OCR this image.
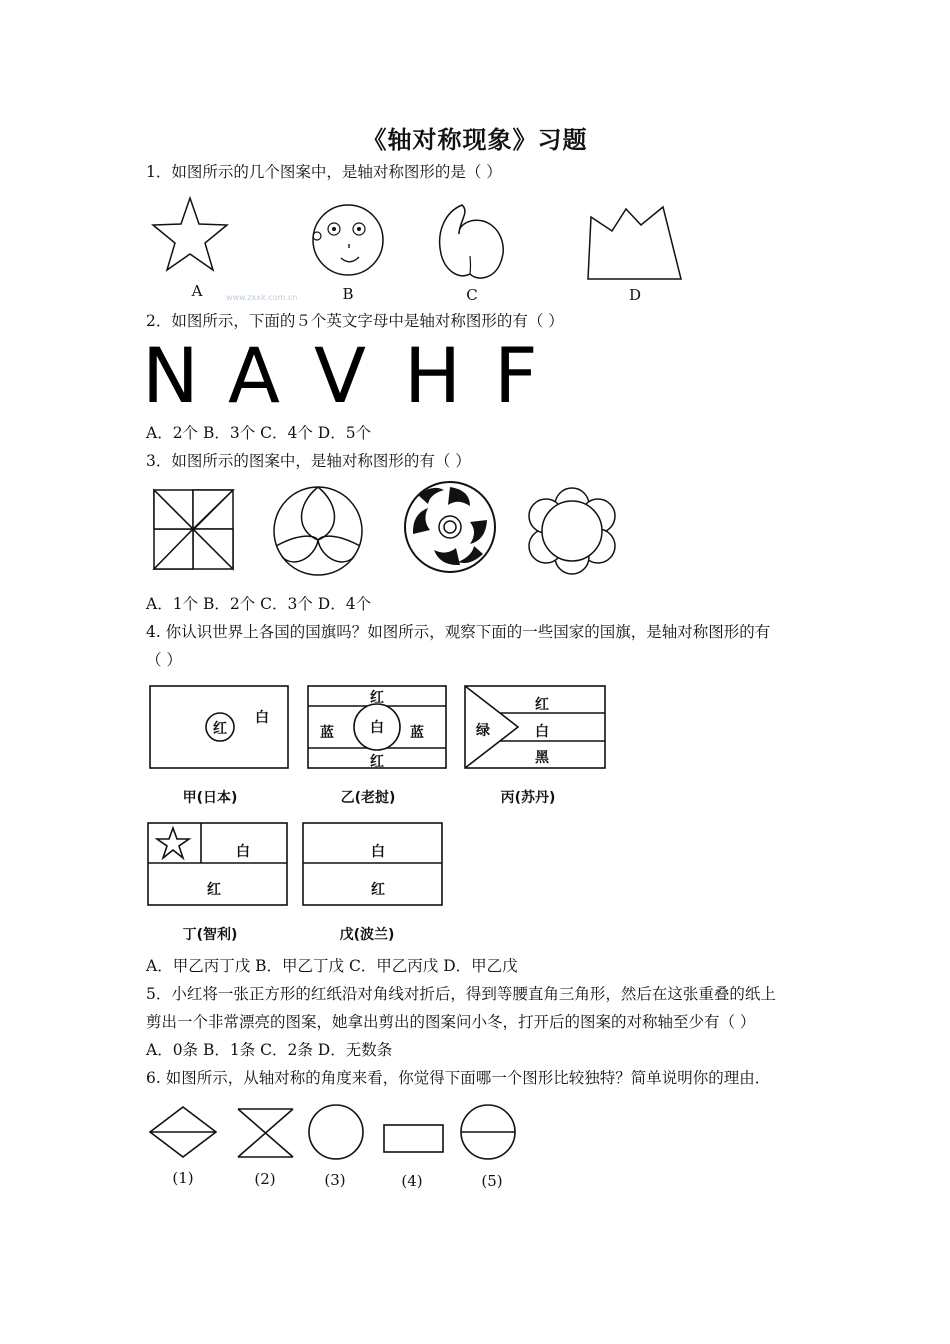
《轴对称现象》习题
1．如图所示的几个图案中，是轴对称图形的是（ ）
A	B	C	D
www.zxxk.com.cn
2．如图所示，下面的５个英文字母中是轴对称图形的有（ ）
N A V H F
A．2个 B．3个 C．4个 D．5个
3．如图所示的图案中，是轴对称图形的有（ ）
A．1个 B．2个 C．3个 D．4个
4. 你认识世界上各国的国旗吗？如图所示，观察下面的一些国家的国旗，是轴对称图形的有
（ ）
红
白
红
蓝	白	蓝
红
绿
红
白
黑
白
红
白
红
甲(日本)	乙(老挝)	丙(苏丹)
丁(智利)	戊(波兰)
A．甲乙丙丁戊 B．甲乙丁戊 C．甲乙丙戊 D．甲乙戊
5．小红将一张正方形的红纸沿对角线对折后，得到等腰直角三角形，然后在这张重叠的纸上
剪出一个非常漂亮的图案，她拿出剪出的图案问小冬，打开后的图案的对称轴至少有（ ）
A．0条 B．1条 C．2条 D．无数条
6. 如图所示，从轴对称的角度来看，你觉得下面哪一个图形比较独特？简单说明你的理由．
(1)	(2)	(3)	(4)	(5)
